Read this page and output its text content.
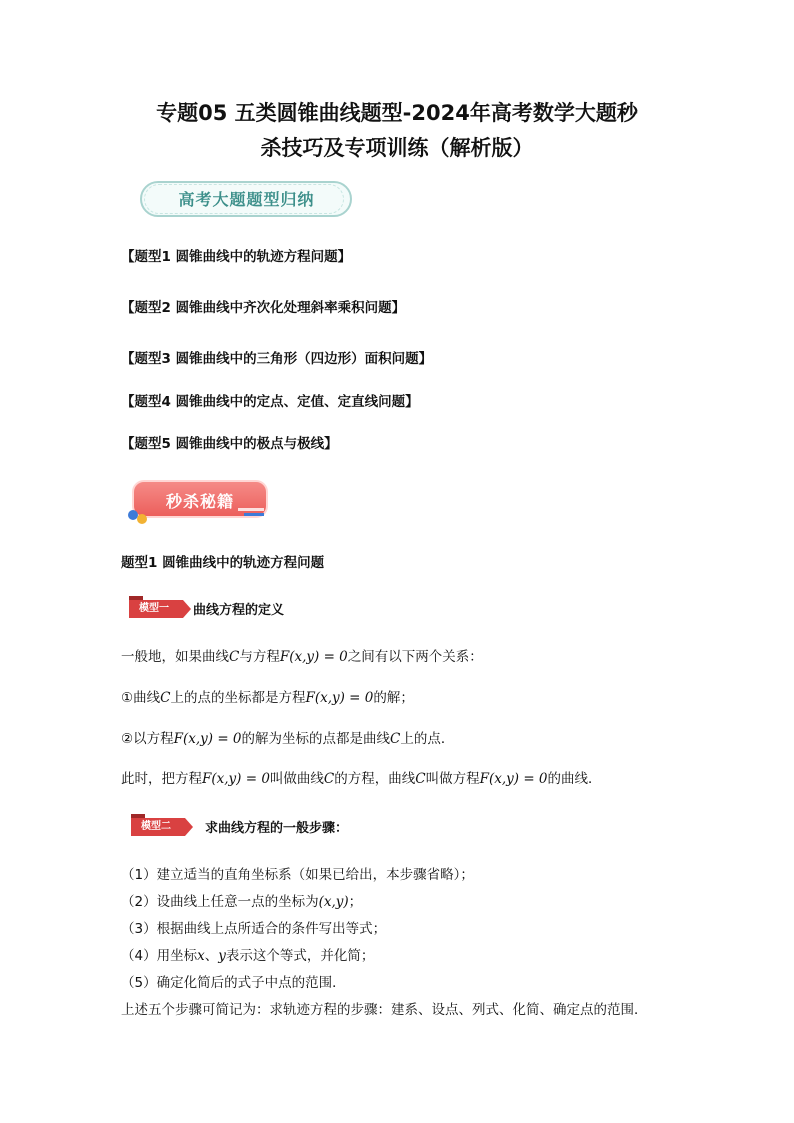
专题05 五类圆锥曲线题型-2024年高考数学大题秒
杀技巧及专项训练（解析版）
高考大题题型归纳
【题型1 圆锥曲线中的轨迹方程问题】
【题型2 圆锥曲线中齐次化处理斜率乘积问题】
【题型3 圆锥曲线中的三角形（四边形）面积问题】
【题型4 圆锥曲线中的定点、定值、定直线问题】
【题型5 圆锥曲线中的极点与极线】
秒杀秘籍
题型1 圆锥曲线中的轨迹方程问题
模型一	曲线方程的定义
一般地，如果曲线C与方程F(x,y) = 0之间有以下两个关系：
①曲线C上的点的坐标都是方程F(x,y) = 0的解；
②以方程F(x,y) = 0的解为坐标的点都是曲线C上的点．
此时，把方程F(x,y) = 0叫做曲线C的方程，曲线C叫做方程F(x,y) = 0的曲线．
模型二	求曲线方程的一般步骤：
（1）建立适当的直角坐标系（如果已给出，本步骤省略）；
（2）设曲线上任意一点的坐标为(x,y)；
（3）根据曲线上点所适合的条件写出等式；
（4）用坐标x、y表示这个等式，并化简；
（5）确定化简后的式子中点的范围．
上述五个步骤可简记为：求轨迹方程的步骤：建系、设点、列式、化简、确定点的范围．
